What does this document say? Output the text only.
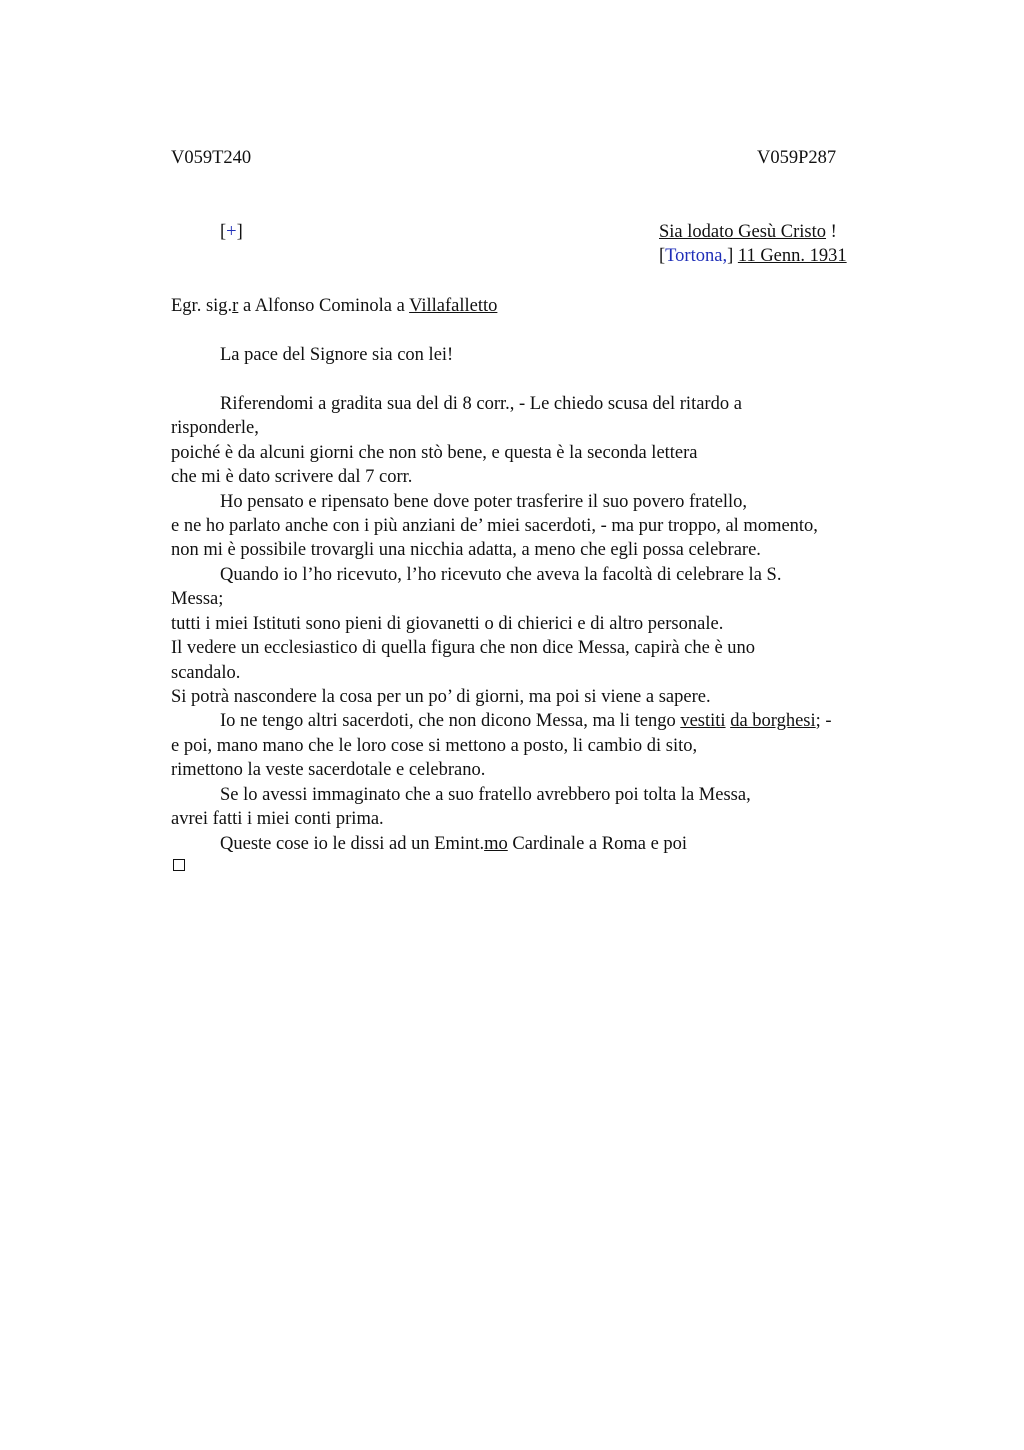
V059T240	V059P287
[+]	Sia lodato Gesù Cristo !
[Tortona,] 11 Genn. 1931
Egr. sig.r a Alfonso Cominola a Villafalletto
La pace del Signore sia con lei!
Riferendomi a gradita sua del di 8 corr., - Le chiedo scusa del ritardo a
risponderle,
poiché è da alcuni giorni che non stò bene, e questa è la seconda lettera
che mi è dato scrivere dal 7 corr.
Ho pensato e ripensato bene dove poter trasferire il suo povero fratello,
e ne ho parlato anche con i più anziani de’ miei sacerdoti, - ma pur troppo, al momento,
non mi è possibile trovargli una nicchia adatta, a meno che egli possa celebrare.
Quando io l’ho ricevuto, l’ho ricevuto che aveva la facoltà di celebrare la S.
Messa;
tutti i miei Istituti sono pieni di giovanetti o di chierici e di altro personale.
Il vedere un ecclesiastico di quella figura che non dice Messa, capirà che è uno
scandalo.
Si potrà nascondere la cosa per un po’ di giorni, ma poi si viene a sapere.
Io ne tengo altri sacerdoti, che non dicono Messa, ma li tengo vestiti da borghesi; -
e poi, mano mano che le loro cose si mettono a posto, li cambio di sito,
rimettono la veste sacerdotale e celebrano.
Se lo avessi immaginato che a suo fratello avrebbero poi tolta la Messa,
avrei fatti i miei conti prima.
Queste cose io le dissi ad un Emint.mo Cardinale a Roma e poi
